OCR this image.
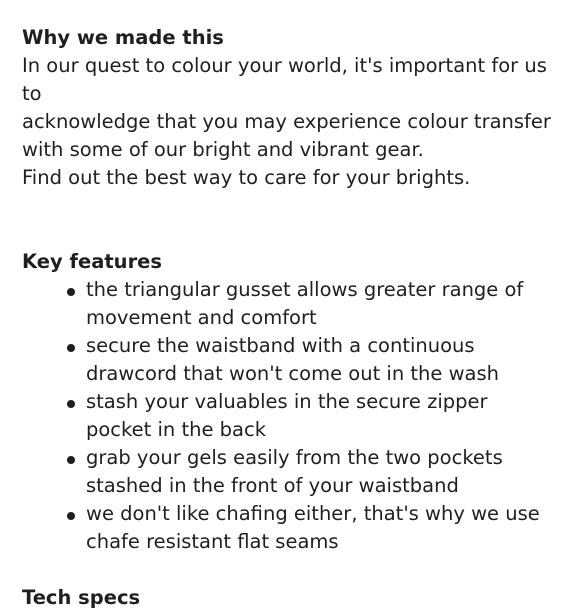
Why we made this

In our quest to colour your world, it's important for us to

acknowledge that you may experience colour transfer

with some of our bright and vibrant gear.

Find out the best way to care for your brights.

Key features
the triangular gusset allows greater range of movement and comfort
secure the waistband with a continuous drawcord that won't come out in the wash
stash your valuables in the secure zipper pocket in the back
grab your gels easily from the two pockets stashed in the front of your waistband
we don't like chafing either, that's why we use chafe resistant flat seams
Tech specs
